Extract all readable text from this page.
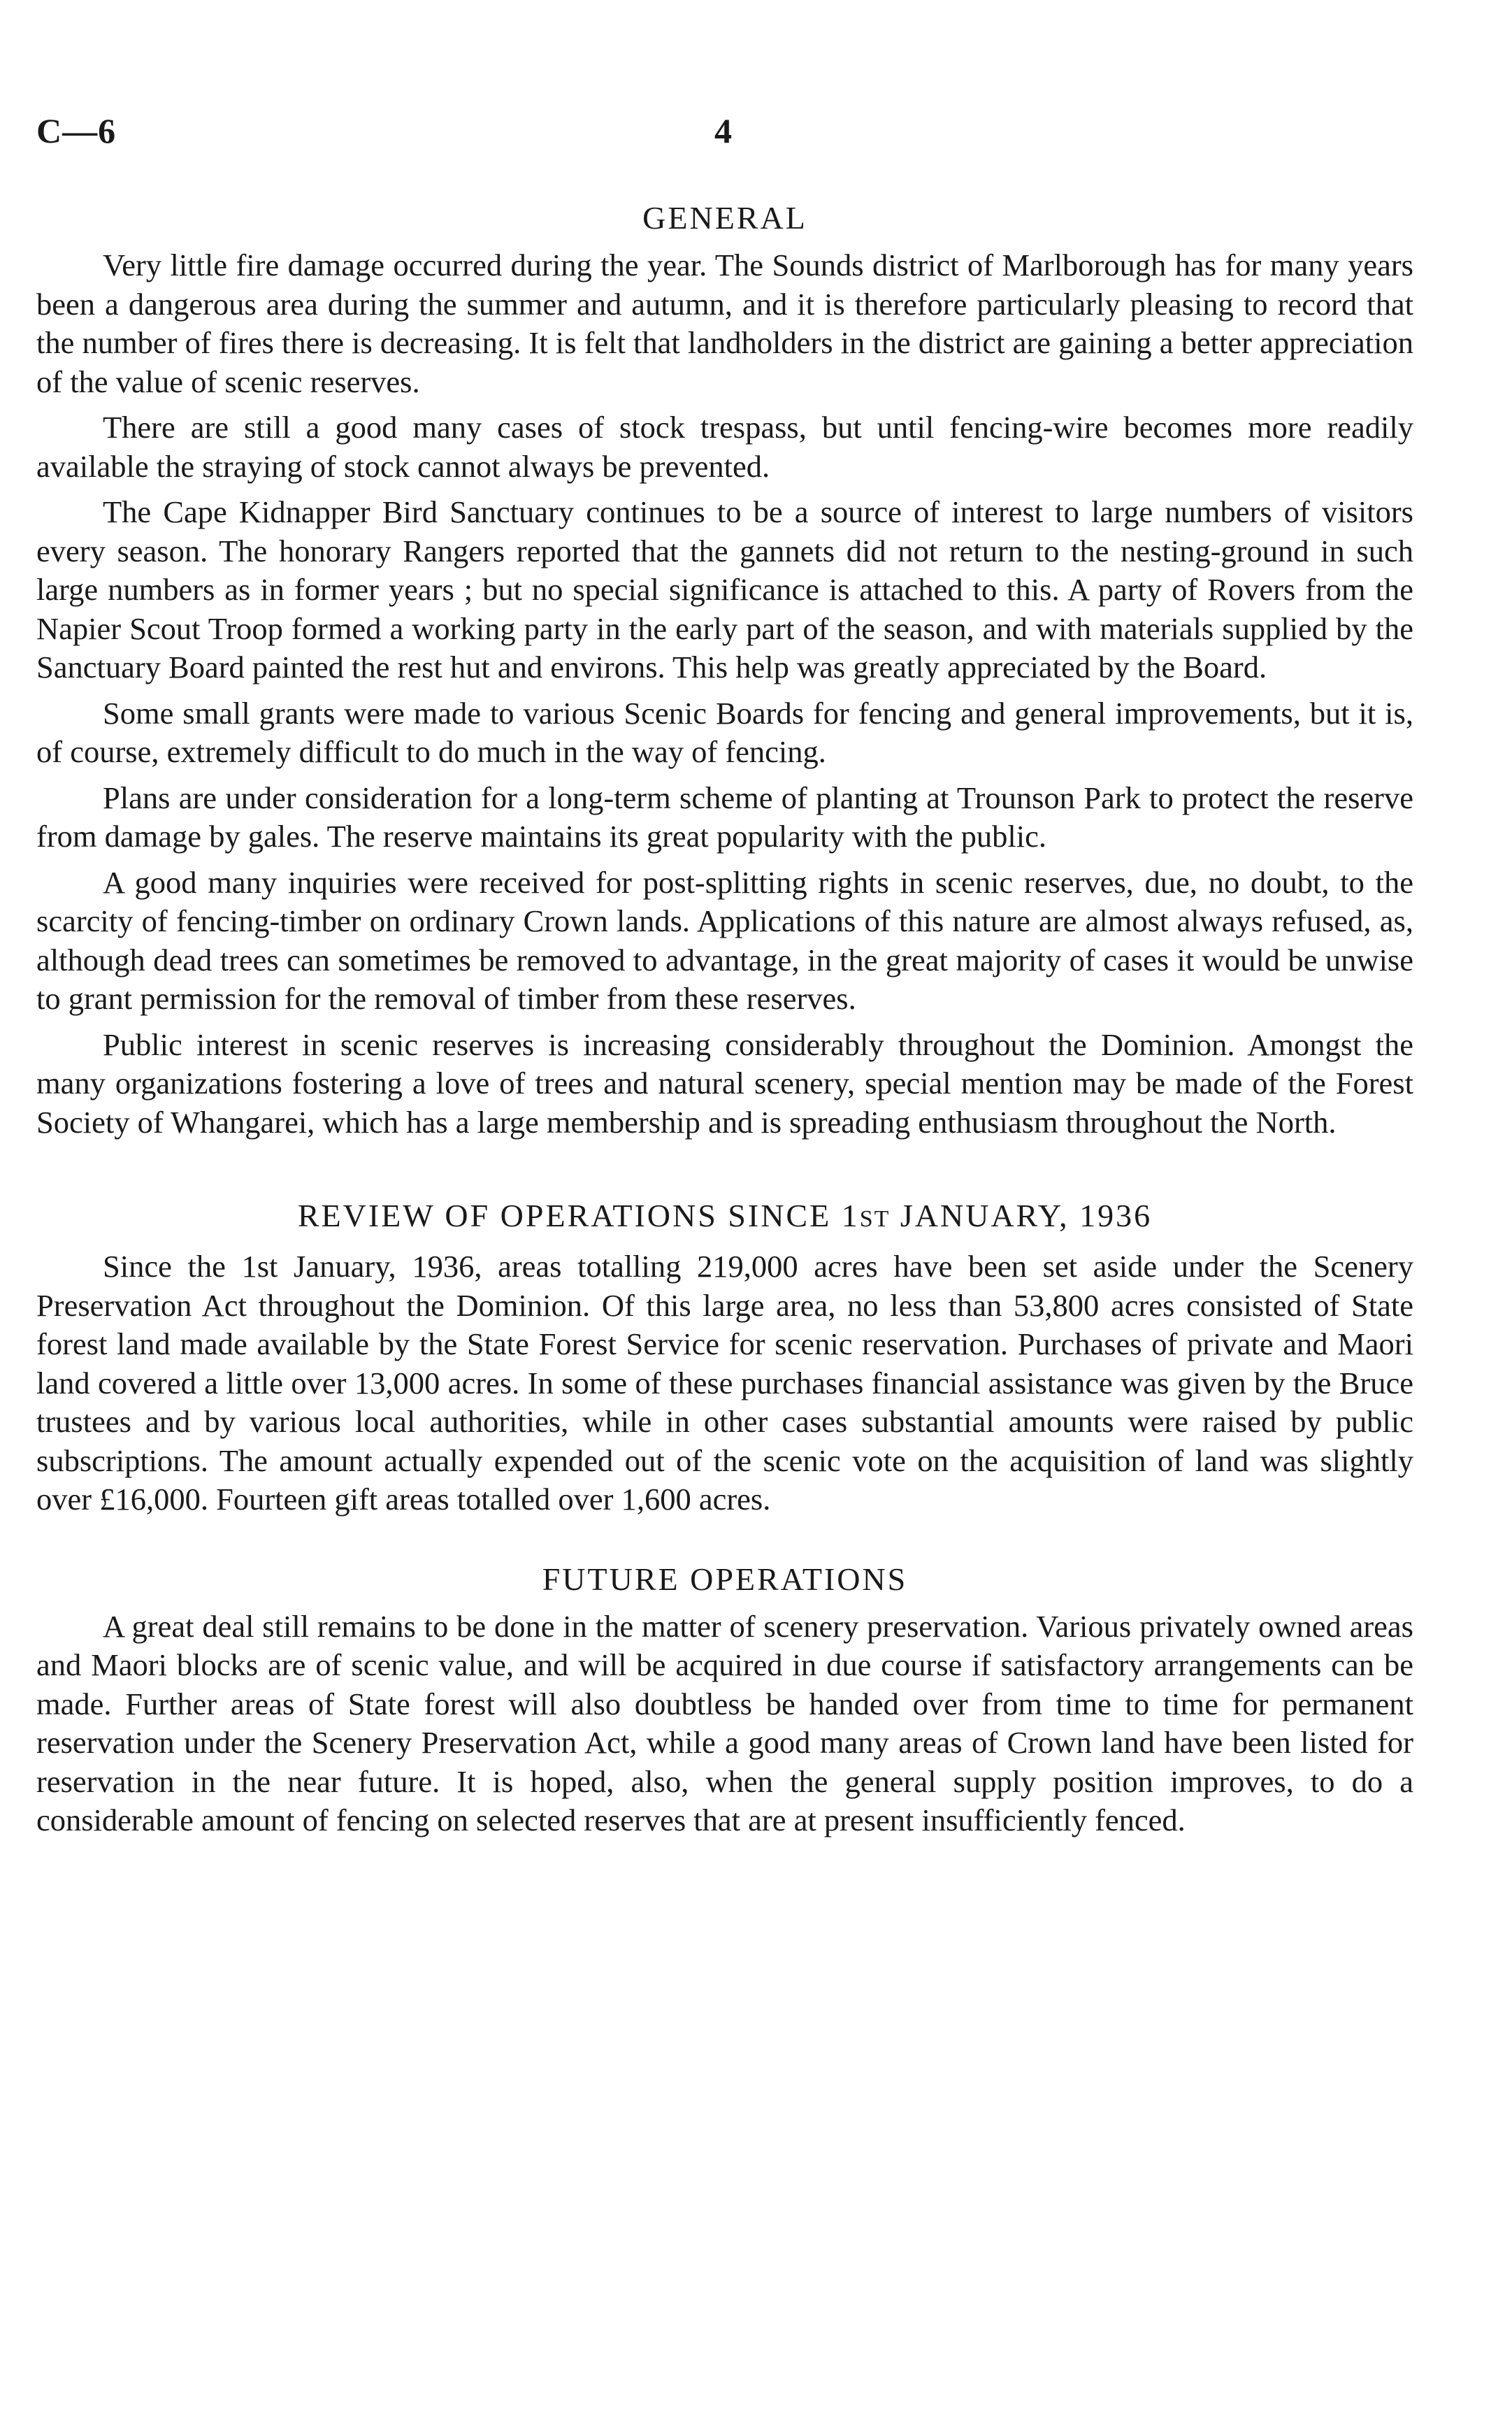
C—6	4
GENERAL

Very little fire damage occurred during the year. The Sounds district of Marlborough has for many years been a dangerous area during the summer and autumn, and it is therefore particularly pleasing to record that the number of fires there is decreasing. It is felt that landholders in the district are gaining a better appreciation of the value of scenic reserves.

There are still a good many cases of stock trespass, but until fencing-wire becomes more readily available the straying of stock cannot always be prevented.

The Cape Kidnapper Bird Sanctuary continues to be a source of interest to large numbers of visitors every season. The honorary Rangers reported that the gannets did not return to the nesting-ground in such large numbers as in former years ; but no special significance is attached to this. A party of Rovers from the Napier Scout Troop formed a working party in the early part of the season, and with materials supplied by the Sanctuary Board painted the rest hut and environs. This help was greatly appreciated by the Board.

Some small grants were made to various Scenic Boards for fencing and general improvements, but it is, of course, extremely difficult to do much in the way of fencing.

Plans are under consideration for a long-term scheme of planting at Trounson Park to protect the reserve from damage by gales. The reserve maintains its great popularity with the public.

A good many inquiries were received for post-splitting rights in scenic reserves, due, no doubt, to the scarcity of fencing-timber on ordinary Crown lands. Applications of this nature are almost always refused, as, although dead trees can sometimes be removed to advantage, in the great majority of cases it would be unwise to grant permission for the removal of timber from these reserves.

Public interest in scenic reserves is increasing considerably throughout the Dominion. Amongst the many organizations fostering a love of trees and natural scenery, special mention may be made of the Forest Society of Whangarei, which has a large membership and is spreading enthusiasm throughout the North.

REVIEW OF OPERATIONS SINCE 1ST JANUARY, 1936

Since the 1st January, 1936, areas totalling 219,000 acres have been set aside under the Scenery Preservation Act throughout the Dominion. Of this large area, no less than 53,800 acres consisted of State forest land made available by the State Forest Service for scenic reservation. Purchases of private and Maori land covered a little over 13,000 acres. In some of these purchases financial assistance was given by the Bruce trustees and by various local authorities, while in other cases substantial amounts were raised by public subscriptions. The amount actually expended out of the scenic vote on the acquisition of land was slightly over £16,000. Fourteen gift areas totalled over 1,600 acres.

FUTURE OPERATIONS

A great deal still remains to be done in the matter of scenery preservation. Various privately owned areas and Maori blocks are of scenic value, and will be acquired in due course if satisfactory arrangements can be made. Further areas of State forest will also doubtless be handed over from time to time for permanent reservation under the Scenery Preservation Act, while a good many areas of Crown land have been listed for reservation in the near future. It is hoped, also, when the general supply position improves, to do a considerable amount of fencing on selected reserves that are at present insufficiently fenced.
